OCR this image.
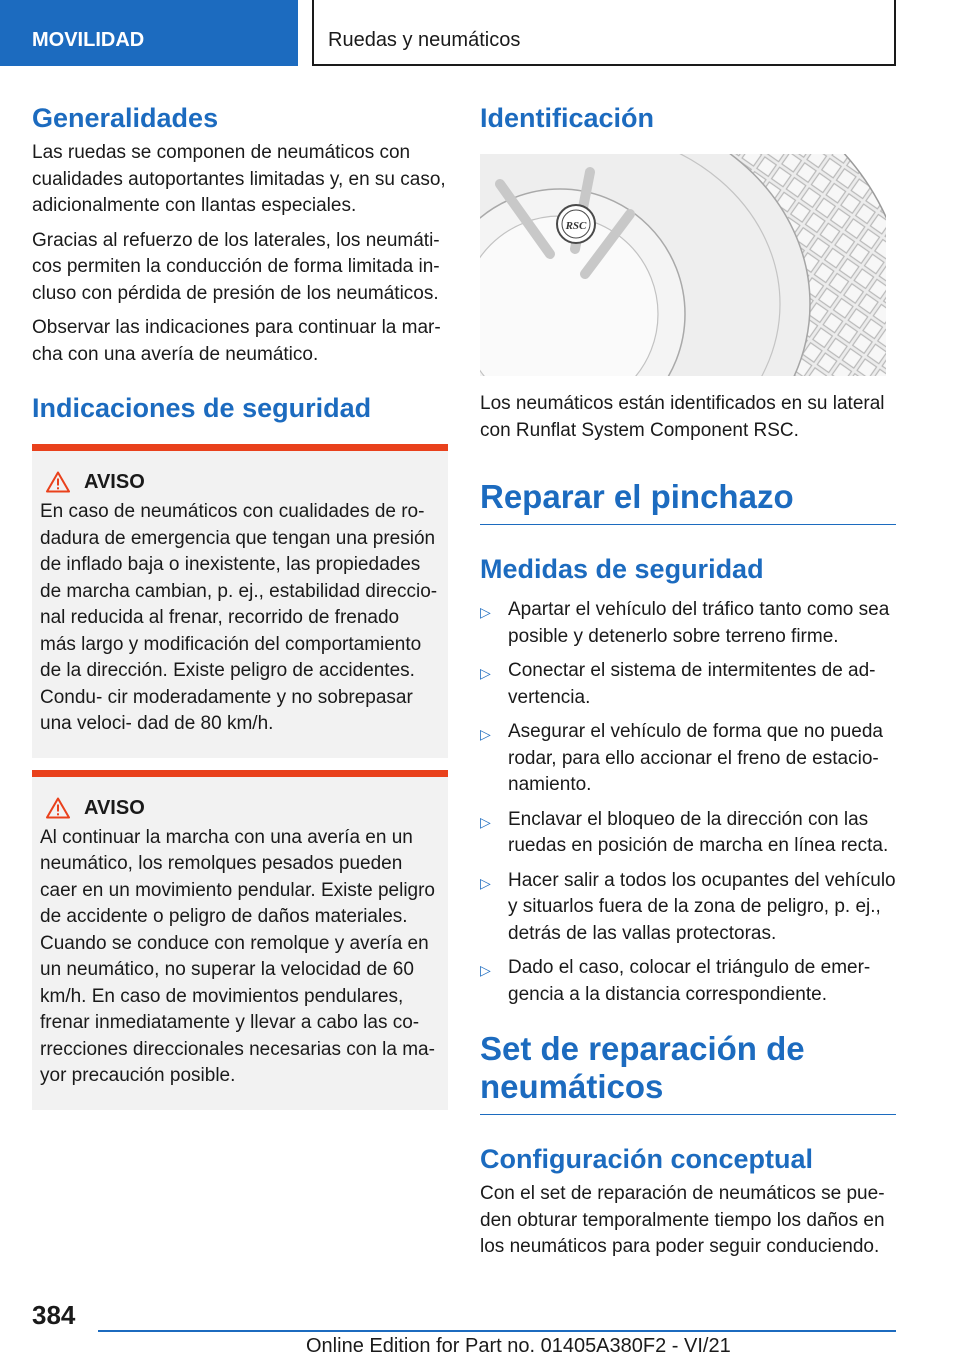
MOVILIDAD	Ruedas y neumáticos
Generalidades

Las ruedas se componen de neumáticos con cualidades autoportantes limitadas y, en su caso, adicionalmente con llantas especiales.

Gracias al refuerzo de los laterales, los neumáti‐ cos permiten la conducción de forma limitada in‐ cluso con pérdida de presión de los neumáticos.

Observar las indicaciones para continuar la mar‐ cha con una avería de neumático.

Indicaciones de seguridad
AVISO

En caso de neumáticos con cualidades de ro‐ dadura de emergencia que tengan una presión de inflado baja o inexistente, las propiedades de marcha cambian, p. ej., estabilidad direccio‐ nal reducida al frenar, recorrido de frenado más largo y modificación del comportamiento de la dirección. Existe peligro de accidentes. Condu‐ cir moderadamente y no sobrepasar una veloci‐ dad de 80 km/h.

AVISO

Al continuar la marcha con una avería en un neumático, los remolques pesados pueden caer en un movimiento pendular. Existe peligro de accidente o peligro de daños materiales. Cuando se conduce con remolque y avería en un neumático, no superar la velocidad de 60 km/h. En caso de movimientos pendulares, frenar inmediatamente y llevar a cabo las co‐ rrecciones direccionales necesarias con la ma‐ yor precaución posible.

Identificación
RSC

Los neumáticos están identificados en su lateral con Runflat System Component RSC.

Reparar el pinchazo
Medidas de seguridad
▷ Apartar el vehículo del tráfico tanto como sea posible y detenerlo sobre terreno firme.
▷ Conectar el sistema de intermitentes de ad‐ vertencia.
▷ Asegurar el vehículo de forma que no pueda rodar, para ello accionar el freno de estacio‐ namiento.
▷ Enclavar el bloqueo de la dirección con las ruedas en posición de marcha en línea recta.
▷ Hacer salir a todos los ocupantes del vehículo y situarlos fuera de la zona de peligro, p. ej., detrás de las vallas protectoras.
▷ Dado el caso, colocar el triángulo de emer‐ gencia a la distancia correspondiente.
Set de reparación de neumáticos
Configuración conceptual

Con el set de reparación de neumáticos se pue‐ den obturar temporalmente tiempo los daños en los neumáticos para poder seguir conduciendo.

384
Online Edition for Part no. 01405A380F2 - VI/21
